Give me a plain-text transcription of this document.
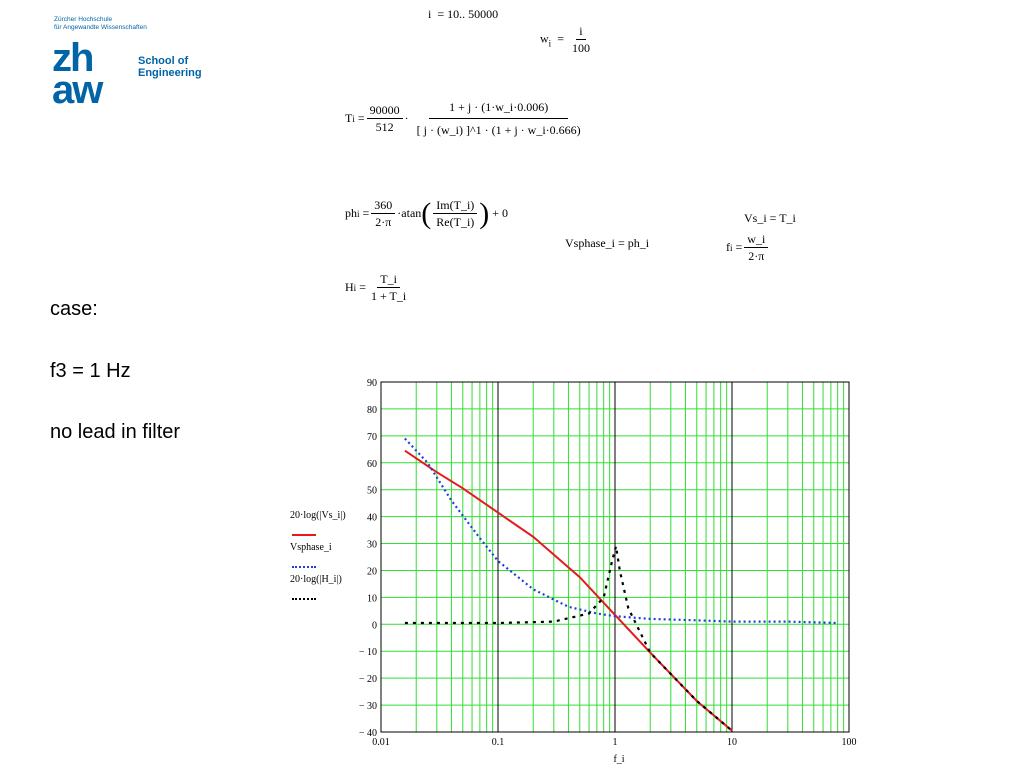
Zürcher Hochschule
für Angewandte Wissenschaften
zh
aw
School of
Engineering
case:
f3 = 1 Hz
no lead in filter
i = 10.. 50000
$w_i = \frac{i}{100}$
T i
= $\frac{90000}{512} \cdot \frac{1 + j \cdot (1\cdot w\_i\cdot 0.006)}{[ j \cdot (w\_i) ]\^{}1 \cdot (1 + j \cdot w\_i\cdot 0.666)}$
ph i
= $\frac{360}{2\cdot\pi} \cdot atan$ ( $\frac{Im(T\_i)}{Re(T\_i)}$ )
+ 0
H i
= $\frac{T\_i}{1 + T\_i}$
Vsphase_i = ph_i
Vs_i = T_i
f i
= $\frac{w\_i}{2\cdot\pi}$
20·log(|Vs_i|)
Vsphase_i
20·log(|H_i|)
90
80
70
60
50
40
30
20
10
0
− 10
− 20
− 30
− 40
0.01	0.1	1	10	100
f_i
